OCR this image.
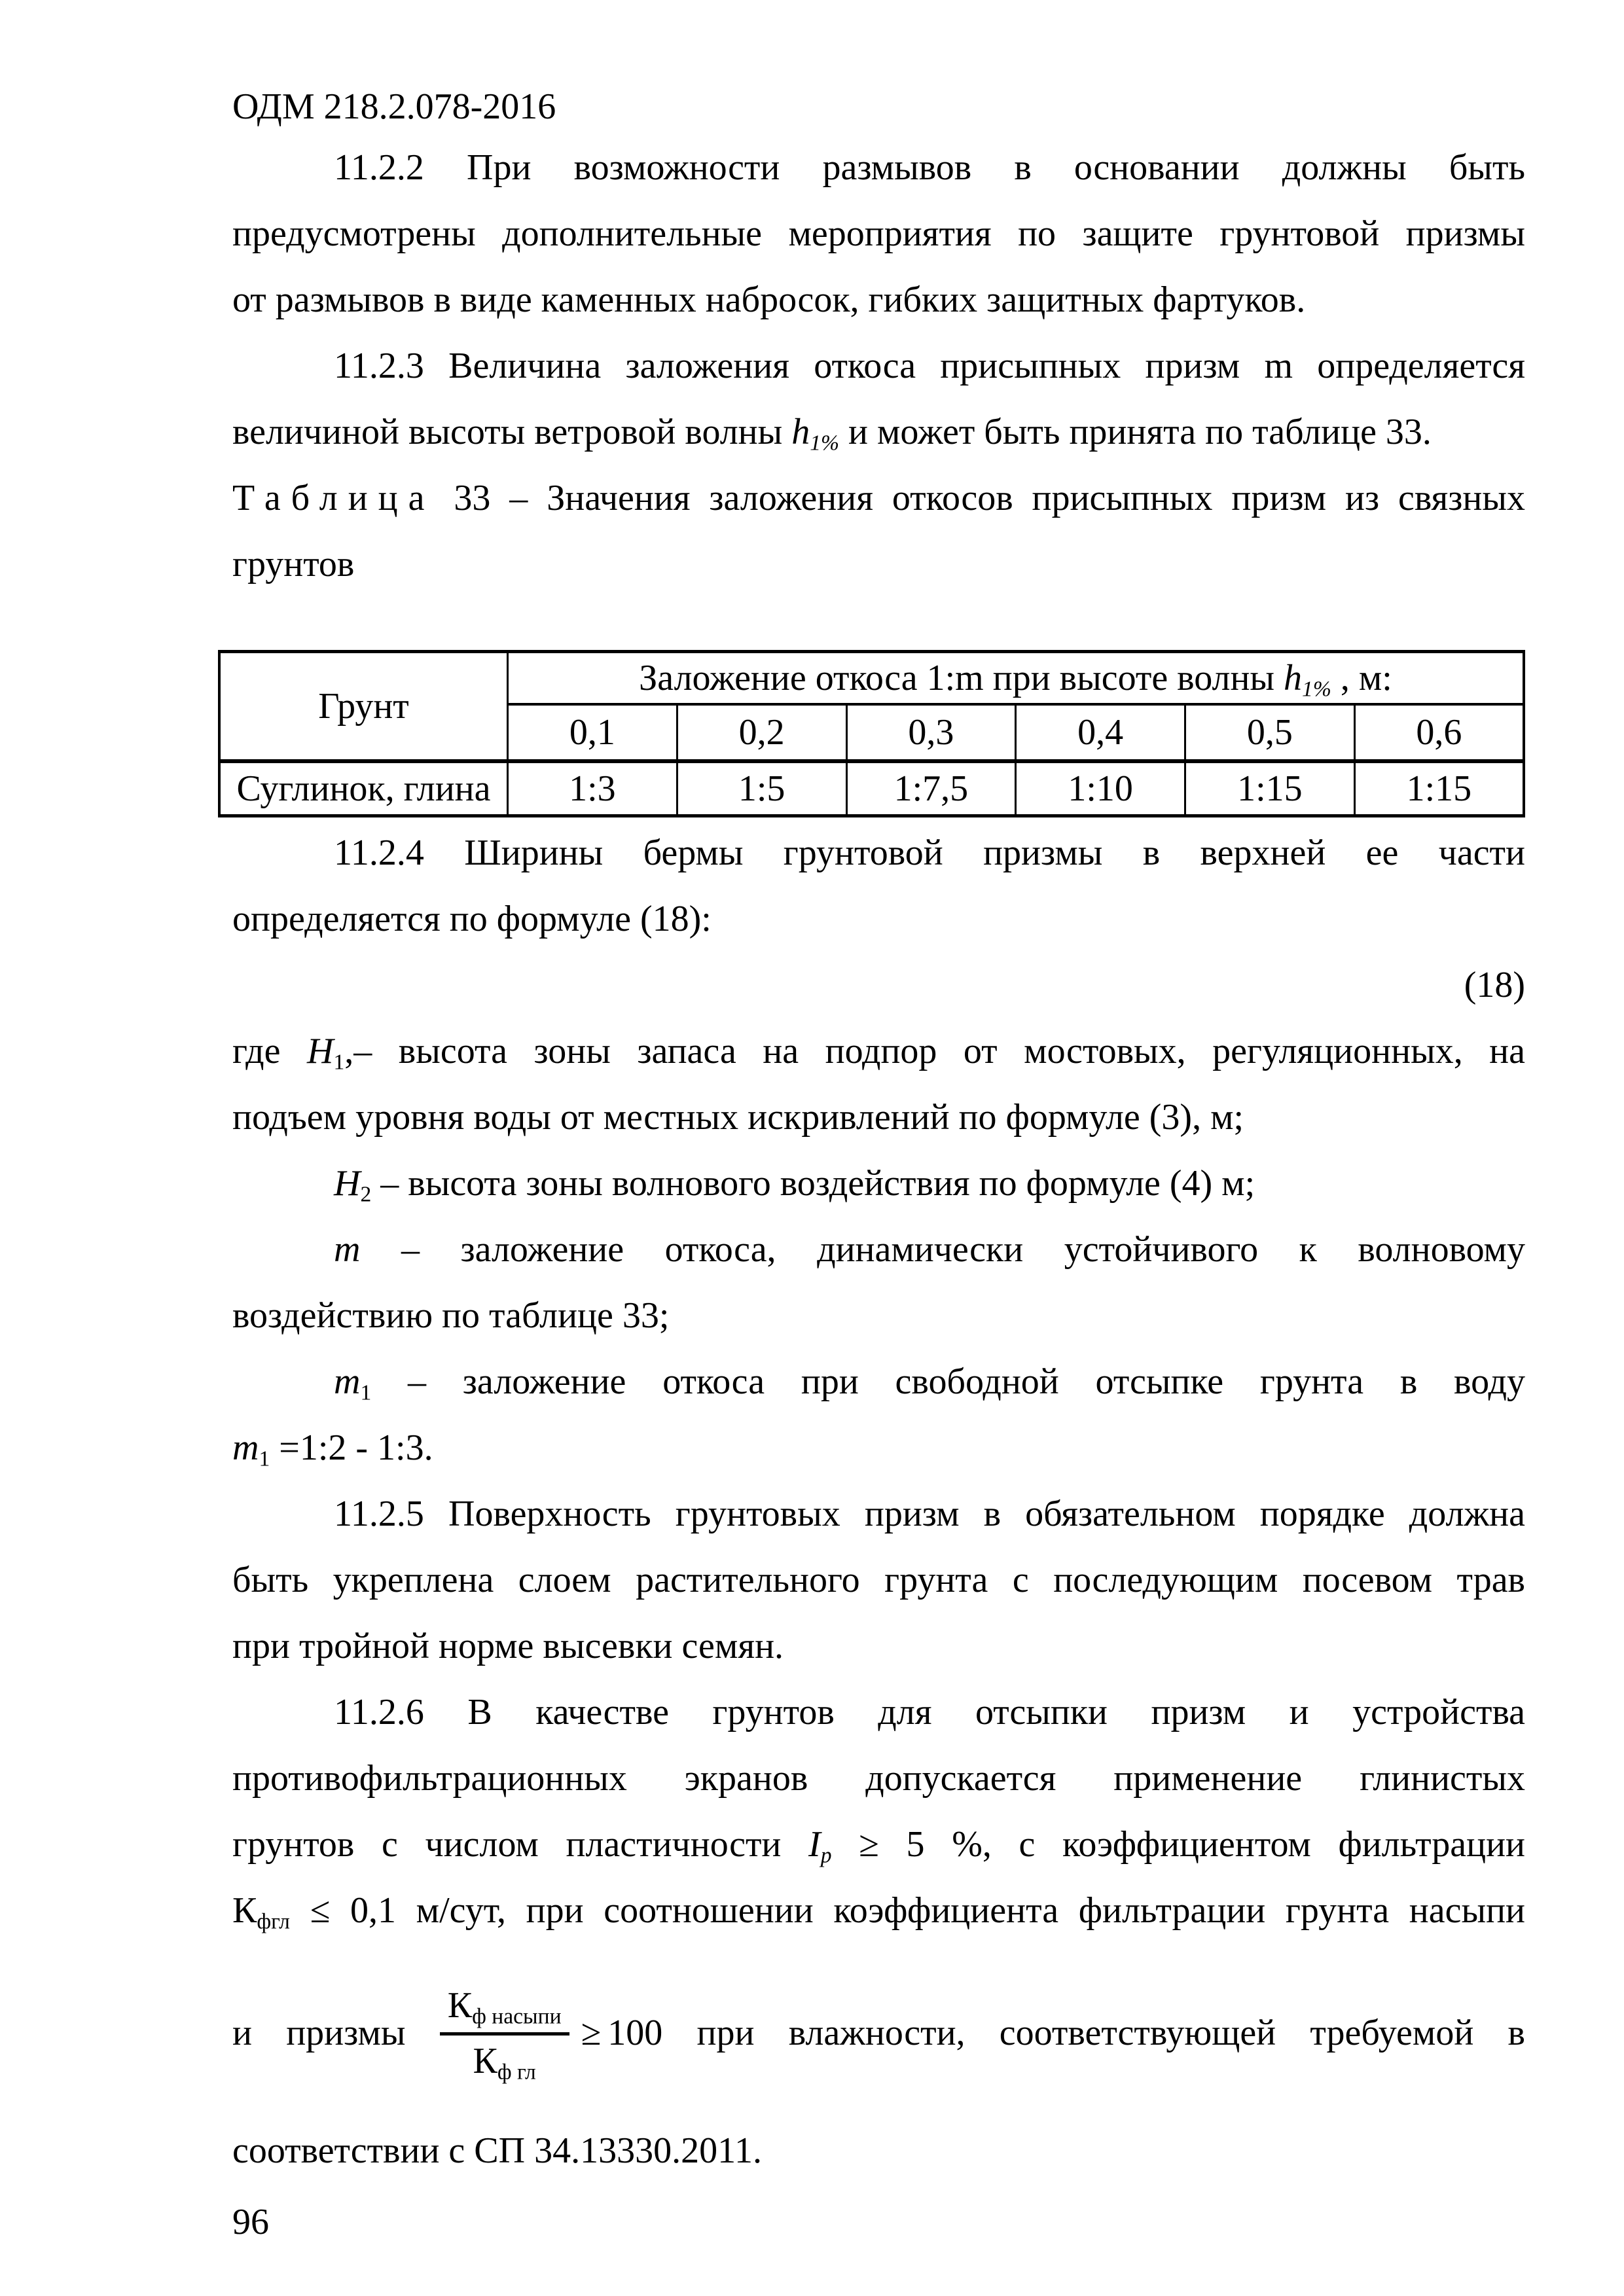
ОДМ 218.2.078-2016
11.2.2 При возможности размывов в основании должны быть
предусмотрены дополнительные мероприятия по защите грунтовой призмы
от размывов в виде каменных набросок, гибких защитных фартуков.
11.2.3 Величина заложения откоса присыпных призм m определяется
величиной высоты ветровой волны $h_{1\%}$ и может быть принята по таблице 33.
Таблица 33 – Значения заложения откосов присыпных призм из связных
грунтов
Грунт	Заложение откоса 1:m при высоте волны $h_{1\%}$ , м:					
	0,1	0,2	0,3	0,4	0,5	0,6
Суглинок, глина	1:3	1:5	1:7,5	1:10	1:15	1:15
11.2.4 Ширины бермы грунтовой призмы в верхней ее части
определяется по формуле (18):

(18)

где $H_1,-$ высота зоны запаса на подпор от мостовых, регуляционных, на
подъем уровня воды от местных искривлений по формуле (3), м;
$H_2$ – высота зоны волнового воздействия по формуле (4) м;
m – заложение откоса, динамически устойчивого к волновому
воздействию по таблице 33;
$m_1$ – заложение откоса при свободной отсыпке грунта в воду
$m_1$ =1:2 - 1:3.
11.2.5 Поверхность грунтовых призм в обязательном порядке должна
быть укреплена слоем растительного грунта с последующим посевом трав
при тройной норме высевки семян.
11.2.6 В качестве грунтов для отсыпки призм и устройства
противофильтрационных экранов допускается применение глинистых
грунтов с числом пластичности $I_p \ge 5$ %, с коэффициентом фильтрации
$К_{фгл} \le 0,1$ м/сут, при соотношении коэффициента фильтрации грунта насыпи
и призмы $\frac{К_{ф насыпи}}{К_{ф гл}} \ge 100$ при влажности, соответствующей требуемой в
соответствии с СП 34.13330.2011.
96
